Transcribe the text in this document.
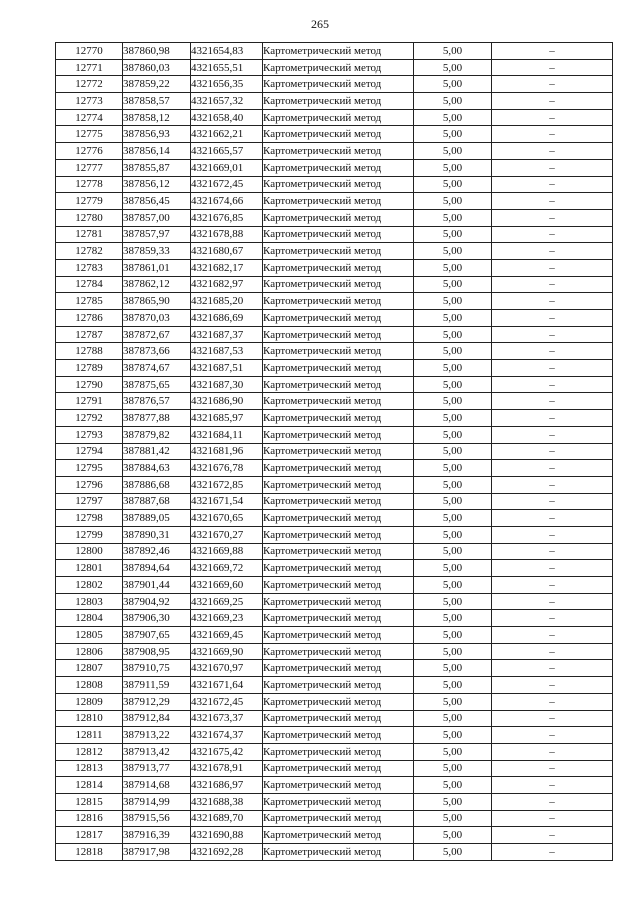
265
12770	387860,98	4321654,83	Картометрический метод	5,00	–
12771	387860,03	4321655,51	Картометрический метод	5,00	–
12772	387859,22	4321656,35	Картометрический метод	5,00	–
12773	387858,57	4321657,32	Картометрический метод	5,00	–
12774	387858,12	4321658,40	Картометрический метод	5,00	–
12775	387856,93	4321662,21	Картометрический метод	5,00	–
12776	387856,14	4321665,57	Картометрический метод	5,00	–
12777	387855,87	4321669,01	Картометрический метод	5,00	–
12778	387856,12	4321672,45	Картометрический метод	5,00	–
12779	387856,45	4321674,66	Картометрический метод	5,00	–
12780	387857,00	4321676,85	Картометрический метод	5,00	–
12781	387857,97	4321678,88	Картометрический метод	5,00	–
12782	387859,33	4321680,67	Картометрический метод	5,00	–
12783	387861,01	4321682,17	Картометрический метод	5,00	–
12784	387862,12	4321682,97	Картометрический метод	5,00	–
12785	387865,90	4321685,20	Картометрический метод	5,00	–
12786	387870,03	4321686,69	Картометрический метод	5,00	–
12787	387872,67	4321687,37	Картометрический метод	5,00	–
12788	387873,66	4321687,53	Картометрический метод	5,00	–
12789	387874,67	4321687,51	Картометрический метод	5,00	–
12790	387875,65	4321687,30	Картометрический метод	5,00	–
12791	387876,57	4321686,90	Картометрический метод	5,00	–
12792	387877,88	4321685,97	Картометрический метод	5,00	–
12793	387879,82	4321684,11	Картометрический метод	5,00	–
12794	387881,42	4321681,96	Картометрический метод	5,00	–
12795	387884,63	4321676,78	Картометрический метод	5,00	–
12796	387886,68	4321672,85	Картометрический метод	5,00	–
12797	387887,68	4321671,54	Картометрический метод	5,00	–
12798	387889,05	4321670,65	Картометрический метод	5,00	–
12799	387890,31	4321670,27	Картометрический метод	5,00	–
12800	387892,46	4321669,88	Картометрический метод	5,00	–
12801	387894,64	4321669,72	Картометрический метод	5,00	–
12802	387901,44	4321669,60	Картометрический метод	5,00	–
12803	387904,92	4321669,25	Картометрический метод	5,00	–
12804	387906,30	4321669,23	Картометрический метод	5,00	–
12805	387907,65	4321669,45	Картометрический метод	5,00	–
12806	387908,95	4321669,90	Картометрический метод	5,00	–
12807	387910,75	4321670,97	Картометрический метод	5,00	–
12808	387911,59	4321671,64	Картометрический метод	5,00	–
12809	387912,29	4321672,45	Картометрический метод	5,00	–
12810	387912,84	4321673,37	Картометрический метод	5,00	–
12811	387913,22	4321674,37	Картометрический метод	5,00	–
12812	387913,42	4321675,42	Картометрический метод	5,00	–
12813	387913,77	4321678,91	Картометрический метод	5,00	–
12814	387914,68	4321686,97	Картометрический метод	5,00	–
12815	387914,99	4321688,38	Картометрический метод	5,00	–
12816	387915,56	4321689,70	Картометрический метод	5,00	–
12817	387916,39	4321690,88	Картометрический метод	5,00	–
12818	387917,98	4321692,28	Картометрический метод	5,00	–
